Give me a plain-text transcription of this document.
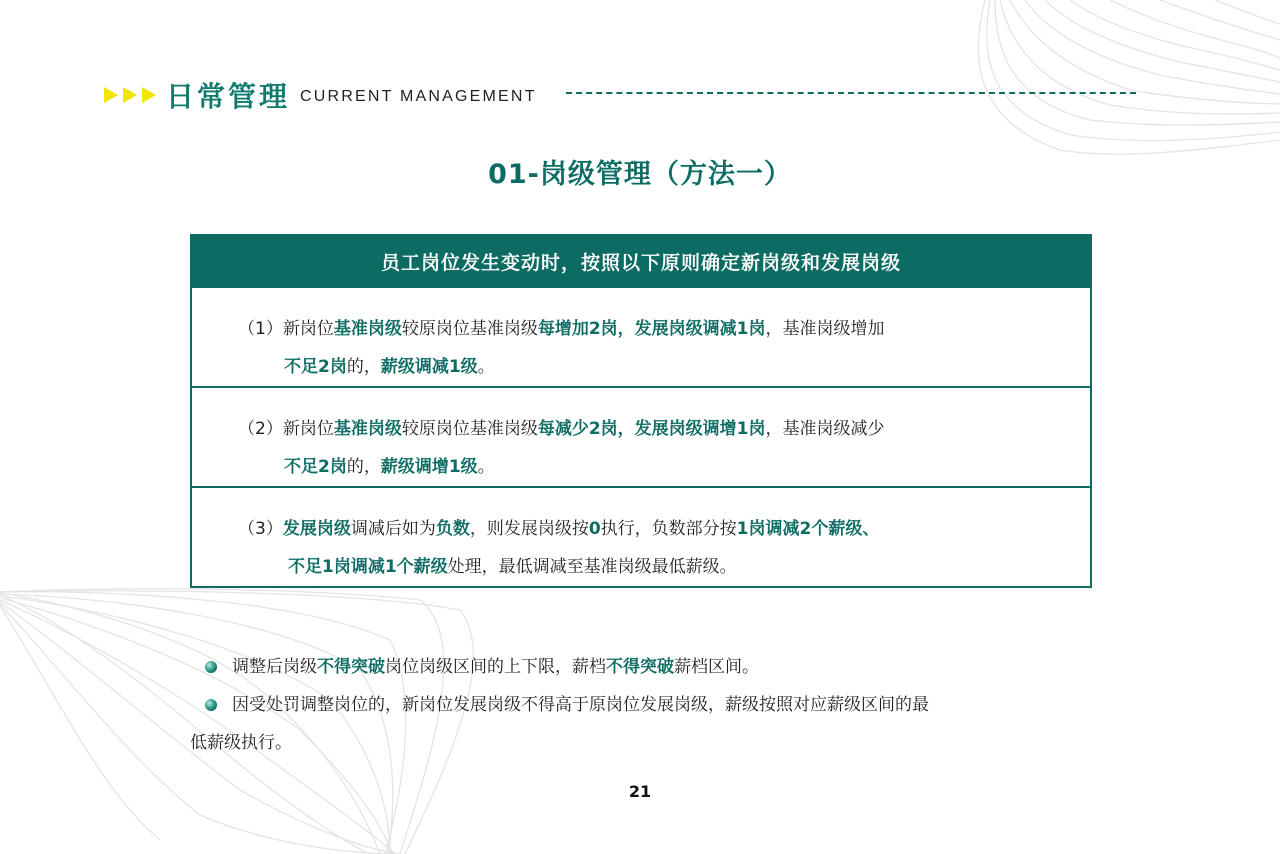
日常管理 CURRENT MANAGEMENT
01-岗级管理（方法一）
员工岗位发生变动时，按照以下原则确定新岗级和发展岗级
（1）新岗位基准岗级较原岗位基准岗级每增加2岗，发展岗级调减1岗，基准岗级增加
不足2岗的，薪级调减1级。
（2）新岗位基准岗级较原岗位基准岗级每减少2岗，发展岗级调增1岗，基准岗级减少
不足2岗的，薪级调增1级。
（3）发展岗级调减后如为负数，则发展岗级按0执行，负数部分按1岗调减2个薪级、
不足1岗调减1个薪级处理，最低调减至基准岗级最低薪级。
调整后岗级不得突破岗位岗级区间的上下限，薪档不得突破薪档区间。
因受处罚调整岗位的，新岗位发展岗级不得高于原岗位发展岗级，薪级按照对应薪级区间的最
低薪级执行。
21
